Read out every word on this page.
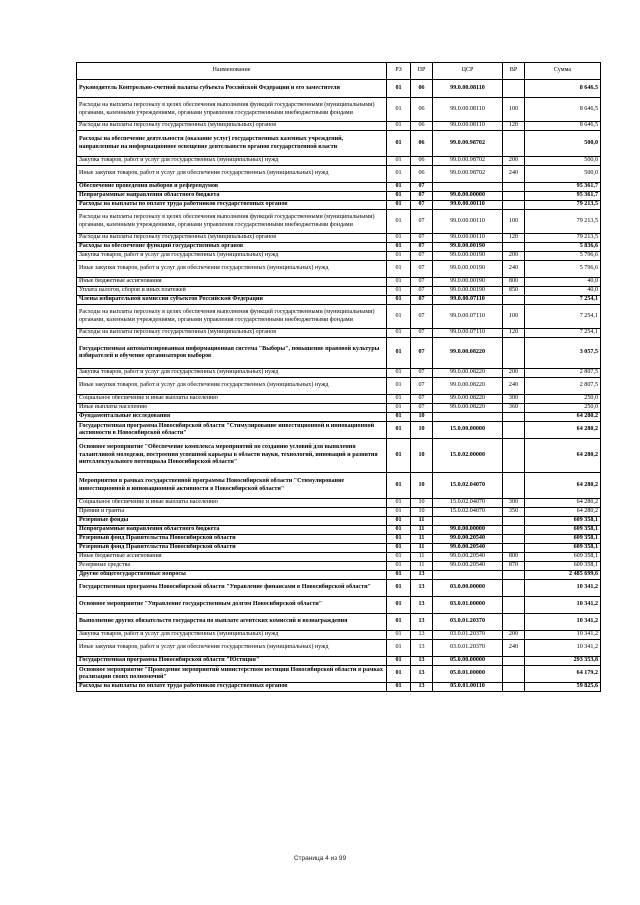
Наименование	РЗ	ПР	ЦСР	ВР	Сумма
Руководитель Контрольно-счетной палаты субъекта Российской Федерации и его заместители	01	06	99.0.00.08110		8 646,5
Расходы на выплаты персоналу в целях обеспечения выполнения функций государственными (муниципальными) органами, казенными учреждениями, органами управления государственными внебюджетными фондами	01	06	99.0.00.08110	100	8 646,5
Расходы на выплаты персоналу государственных (муниципальных) органов	01	06	99.0.00.08110	120	8 646,5
Расходы на обеспечение деятельности (оказание услуг) государственных казенных учреждений, направленные на информационное освещение деятельности органов государственной власти	01	06	99.0.00.98702		500,0
Закупка товаров, работ и услуг для государственных (муниципальных) нужд	01	06	99.0.00.98702	200	500,0
Иные закупки товаров, работ и услуг для обеспечения государственных (муниципальных) нужд	01	06	99.0.00.98702	240	500,0
Обеспечение проведения выборов и референдумов	01	07			95 361,7
Непрограммные направления областного бюджета	01	07	99.0.00.00000		95 361,7
Расходы на выплаты по оплате труда работников государственных органов	01	07	99.0.00.00110		79 213,5
Расходы на выплаты персоналу в целях обеспечения выполнения функций государственными (муниципальными) органами, казенными учреждениями, органами управления государственными внебюджетными фондами	01	07	99.0.00.00110	100	79 213,5
Расходы на выплаты персоналу государственных (муниципальных) органов	01	07	99.0.00.00110	120	79 213,5
Расходы на обеспечение функций государственных органов	01	07	99.0.00.00190		5 836,6
Закупка товаров, работ и услуг для государственных (муниципальных) нужд	01	07	99.0.00.00190	200	5 796,6
Иные закупки товаров, работ и услуг для обеспечения государственных (муниципальных) нужд	01	07	99.0.00.00190	240	5 796,6
Иные бюджетные ассигнования	01	07	99.0.00.00190	800	40,0
Уплата налогов, сборов и иных платежей	01	07	99.0.00.00190	850	40,0
Члены избирательной комиссии субъектов Российской Федерации	01	07	99.0.00.07110		7 254,1
Расходы на выплаты персоналу в целях обеспечения выполнения функций государственными (муниципальными) органами, казенными учреждениями, органами управления государственными внебюджетными фондами	01	07	99.0.00.07110	100	7 254,1
Расходы на выплаты персоналу государственных (муниципальных) органов	01	07	99.0.00.07110	120	7 254,1
Государственная автоматизированная информационная система "Выборы", повышение правовой культуры избирателей и обучение организаторов выборов	01	07	99.0.00.08220		3 057,5
Закупка товаров, работ и услуг для государственных (муниципальных) нужд	01	07	99.0.00.08220	200	2 807,5
Иные закупки товаров, работ и услуг для обеспечения государственных (муниципальных) нужд	01	07	99.0.00.08220	240	2 807,5
Социальное обеспечение и иные выплаты населению	01	07	99.0.00.08220	300	250,0
Иные выплаты населению	01	07	99.0.00.08220	360	250,0
Фундаментальные исследования	01	10			64 280,2
Государственная программа Новосибирской области "Стимулирование инвестиционной и инновационной активности в Новосибирской области"	01	10	15.0.00.00000		64 280,2
Основное мероприятие "Обеспечение комплекса мероприятий по созданию условий для выявления талантливой молодежи, построения успешной карьеры в области науки, технологий, инноваций и развития интеллектуального потенциала Новосибирской области"	01	10	15.0.02.00000		64 280,2
Мероприятия в рамках государственной программы Новосибирской области "Стимулирование инвестиционной и инновационной активности в Новосибирской области"	01	10	15.0.02.04070		64 280,2
Социальное обеспечение и иные выплаты населению	01	10	15.0.02.04070	300	64 280,2
Премии и гранты	01	10	15.0.02.04070	350	64 280,2
Резервные фонды	01	11			609 358,1
Непрограммные направления областного бюджета	01	11	99.0.00.00000		609 358,1
Резервный фонд Правительства Новосибирской области	01	11	99.0.00.20540		609 358,1
Резервный фонд Правительства Новосибирской области	01	11	99.0.00.20540		609 358,1
Иные бюджетные ассигнования	01	11	99.0.00.20540	800	609 358,1
Резервные средства	01	11	99.0.00.20540	870	609 358,1
Другие общегосударственные вопросы	01	13			2 485 699,6
Государственная программа Новосибирской области "Управление финансами в Новосибирской области"	01	13	03.0.00.00000		10 341,2
Основное мероприятие "Управление государственным долгом Новосибирской области"	01	13	03.0.01.00000		10 341,2
Выполнение других обязательств государства по выплате агентских комиссий и вознаграждения	01	13	03.0.01.20370		10 341,2
Закупка товаров, работ и услуг для государственных (муниципальных) нужд	01	13	03.0.01.20370	200	10 341,2
Иные закупки товаров, работ и услуг для обеспечения государственных (муниципальных) нужд	01	13	03.0.01.20370	240	10 341,2
Государственная программа Новосибирской области "Юстиция"	01	13	05.0.00.00000		293 353,8
Основное мероприятие "Проведение мероприятий министерством юстиции Новосибирской области в рамках реализации своих полномочий"	01	13	05.0.01.00000		64 179,2
Расходы на выплаты по оплате труда работников государственных органов	01	13	05.0.01.00110		59 825,6
Страница 4 из 99
